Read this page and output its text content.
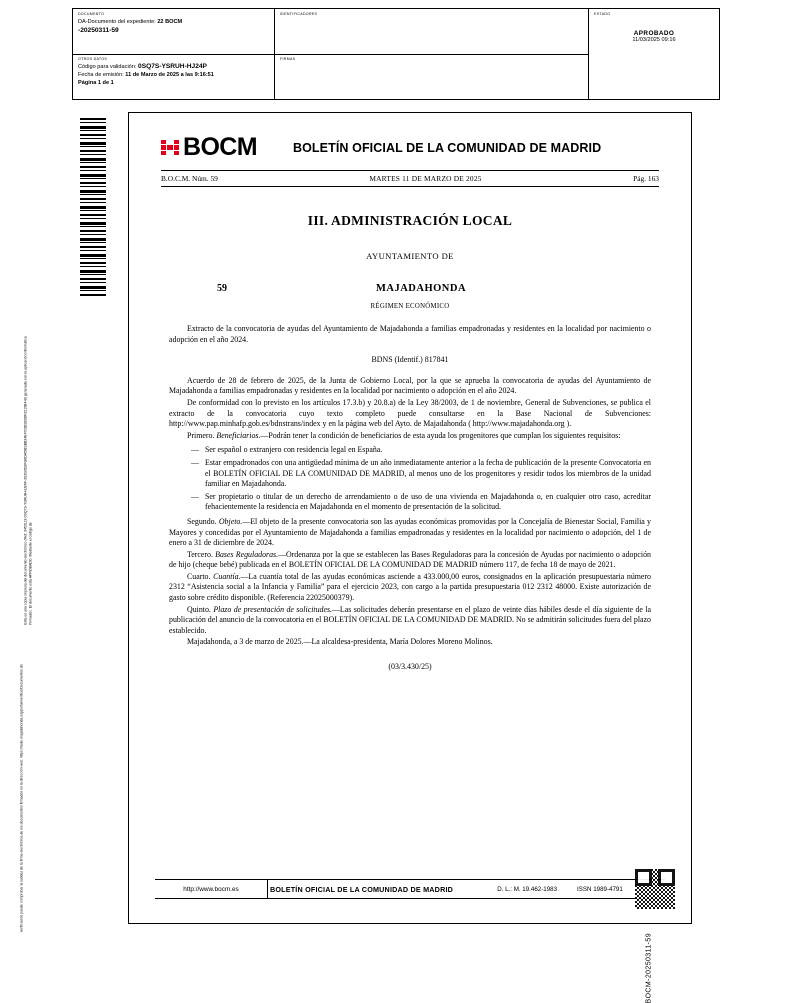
DOCUMENTO
DA-Documento del expediente: 22 BOCM
-20250311-59
OTROS DATOS
Código para validación: 0SQ7S-YSRUH-HJ24P
Fecha de emisión: 11 de Marzo de 2025 a las 9:16:51
Página 1 de 1
IDENTIFICADORES
FIRMAS
ESTADO
APROBADO
11/03/2025 09:16
Esta es una copia impresa del documento electrónico (Ref: 3453113-0SQ7S-YSRUH-HJ24P-3S2G9D2FG6DA5IBSBB24E4702B283DF2219B4-B) generada con la aplicación informática Firmadoc. El documento está APROBADO. Mediante el código de
verificación puede comprobar la validez de la firma electrónica de los documentos firmados en la dirección web: https://sede.majadahonda.org/portal/verificarDocumentos.do
BOCM	BOLETÍN OFICIAL DE LA COMUNIDAD DE MADRID
B.O.C.M. Núm. 59	MARTES 11 DE MARZO DE 2025	Pág. 163
III. ADMINISTRACIÓN LOCAL
AYUNTAMIENTO DE
59	MAJADAHONDA
RÉGIMEN ECONÓMICO

Extracto de la convocatoria de ayudas del Ayuntamiento de Majadahonda a familias empadronadas y residentes en la localidad por nacimiento o adopción en el año 2024.

BDNS (Identif.) 817841

Acuerdo de 28 de febrero de 2025, de la Junta de Gobierno Local, por la que se aprueba la convocatoria de ayudas del Ayuntamiento de Majadahonda a familias empadronadas y residentes en la localidad por nacimiento o adopción en el año 2024.

De conformidad con lo previsto en los artículos 17.3.b) y 20.8.a) de la Ley 38/2003, de 1 de noviembre, General de Subvenciones, se publica el extracto de la convocatoria cuyo texto completo puede consultarse en la Base Nacional de Subvenciones: http://www.pap.minhafp.gob.es/bdnstrans/index y en la página web del Ayto. de Majadahonda ( http://www.majadahonda.org ).

Primero. Beneficiarios.—Podrán tener la condición de beneficiarios de esta ayuda los progenitores que cumplan los siguientes requisitos:

— Ser español o extranjero con residencia legal en España.
— Estar empadronados con una antigüedad mínima de un año inmediatamente anterior a la fecha de publicación de la presente Convocatoria en el BOLETÍN OFICIAL DE LA COMUNIDAD DE MADRID, al menos uno de los progenitores y residir todos los miembros de la unidad familiar en Majadahonda.
— Ser propietario o titular de un derecho de arrendamiento o de uso de una vivienda en Majadahonda o, en cualquier otro caso, acreditar fehacientemente la residencia en Majadahonda en el momento de presentación de la solicitud.

Segundo. Objeto.—El objeto de la presente convocatoria son las ayudas económicas promovidas por la Concejalía de Bienestar Social, Familia y Mayores y concedidas por el Ayuntamiento de Majadahonda a familias empadronadas y residentes en la localidad por nacimiento o adopción, del 1 de enero a 31 de diciembre de 2024.

Tercero. Bases Reguladoras.—Ordenanza por la que se establecen las Bases Reguladoras para la concesión de Ayudas por nacimiento o adopción de hijo (cheque bebé) publicada en el BOLETÍN OFICIAL DE LA COMUNIDAD DE MADRID número 117, de fecha 18 de mayo de 2021.

Cuarto. Cuantía.—La cuantía total de las ayudas económicas asciende a 433.000,00 euros, consignados en la aplicación presupuestaria número 2312 “Asistencia social a la Infancia y Familia” para el ejercicio 2023, con cargo a la partida presupuestaria 012 2312 48000. Existe autorización de gasto sobre crédito disponible. (Referencia 22025000379).

Quinto. Plazo de presentación de solicitudes.—Las solicitudes deberán presentarse en el plazo de veinte días hábiles desde el día siguiente de la publicación del anuncio de la convocatoria en el BOLETÍN OFICIAL DE LA COMUNIDAD DE MADRID. No se admitirán solicitudes fuera del plazo establecido.

Majadahonda, a 3 de marzo de 2025.—La alcaldesa-presidenta, María Dolores Moreno Molinos.

(03/3.430/25)
http://www.bocm.es	BOLETÍN OFICIAL DE LA COMUNIDAD DE MADRID	D. L.: M. 19.462-1983	ISSN 1989-4791
BOCM-20250311-59
